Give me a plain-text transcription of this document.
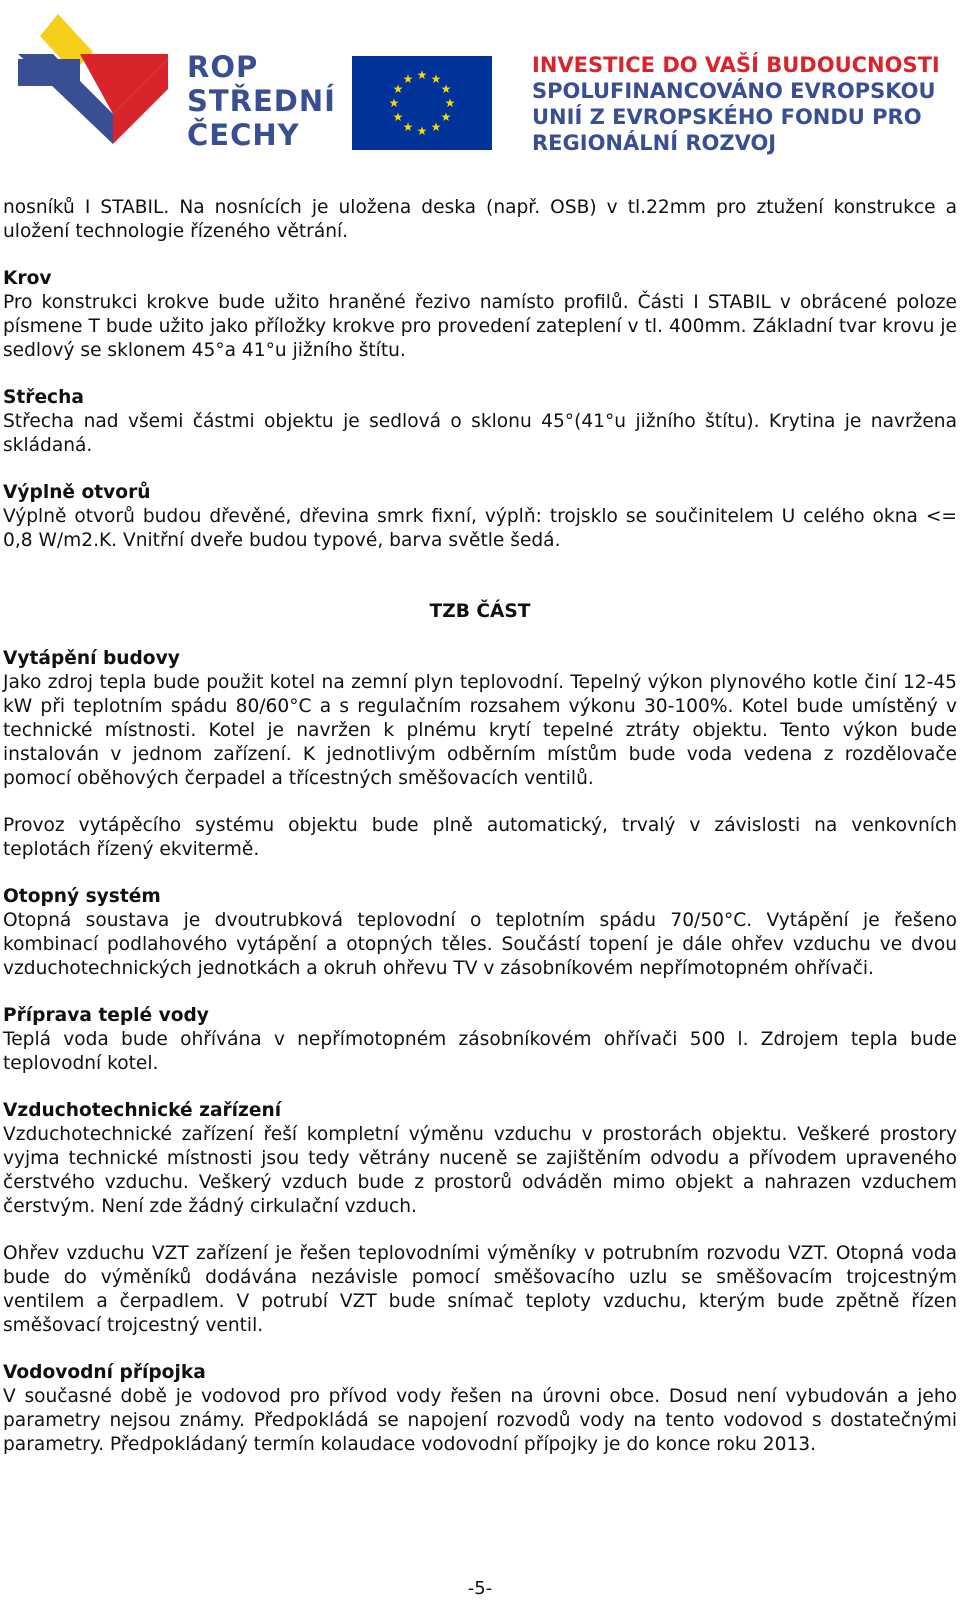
ROP
STŘEDNÍ
ČECHY
★ ★
★
★
★
★
★
★
★
★
★
★
INVESTICE DO VAŠÍ BUDOUCNOSTI
SPOLUFINANCOVÁNO EVROPSKOU
UNIÍ Z EVROPSKÉHO FONDU PRO
REGIONÁLNÍ ROZVOJ

nosníků I STABIL. Na nosnících je uložena deska (např. OSB) v tl.22mm pro ztužení konstrukce a uložení technologie řízeného větrání.

Krov

Pro konstrukci krokve bude užito hraněné řezivo namísto profilů. Části I STABIL v obrácené poloze písmene T bude užito jako příložky krokve pro provedení zateplení v tl. 400mm. Základní tvar krovu je sedlový se sklonem 45°a 41°u jižního štítu.

Střecha

Střecha nad všemi částmi objektu je sedlová o sklonu 45°(41°u jižního štítu). Krytina je navržena skládaná.

Výplně otvorů

Výplně otvorů budou dřevěné, dřevina smrk fixní, výplň: trojsklo se součinitelem U celého okna <= 0,8 W/m2.K. Vnitřní dveře budou typové, barva světle šedá.

TZB ČÁST

Vytápění budovy

Jako zdroj tepla bude použit kotel na zemní plyn teplovodní. Tepelný výkon plynového kotle činí 12-45 kW při teplotním spádu 80/60°C a s regulačním rozsahem výkonu 30-100%. Kotel bude umístěný v technické místnosti. Kotel je navržen k plnému krytí tepelné ztráty objektu. Tento výkon bude instalován v jednom zařízení. K jednotlivým odběrním místům bude voda vedena z rozdělovače pomocí oběhových čerpadel a třícestných směšovacích ventilů.

Provoz vytápěcího systému objektu bude plně automatický, trvalý v závislosti na venkovních teplotách řízený ekvitermě.

Otopný systém

Otopná soustava je dvoutrubková teplovodní o teplotním spádu 70/50°C. Vytápění je řešeno kombinací podlahového vytápění a otopných těles. Součástí topení je dále ohřev vzduchu ve dvou vzduchotechnických jednotkách a okruh ohřevu TV v zásobníkovém nepřímotopném ohřívači.

Příprava teplé vody

Teplá voda bude ohřívána v nepřímotopném zásobníkovém ohřívači 500 l. Zdrojem tepla bude teplovodní kotel.

Vzduchotechnické zařízení

Vzduchotechnické zařízení řeší kompletní výměnu vzduchu v prostorách objektu. Veškeré prostory vyjma technické místnosti jsou tedy větrány nuceně se zajištěním odvodu a přívodem upraveného čerstvého vzduchu. Veškerý vzduch bude z prostorů odváděn mimo objekt a nahrazen vzduchem čerstvým. Není zde žádný cirkulační vzduch.

Ohřev vzduchu VZT zařízení je řešen teplovodními výměníky v potrubním rozvodu VZT. Otopná voda bude do výměníků dodávána nezávisle pomocí směšovacího uzlu se směšovacím trojcestným ventilem a čerpadlem. V potrubí VZT bude snímač teploty vzduchu, kterým bude zpětně řízen směšovací trojcestný ventil.

Vodovodní přípojka

V současné době je vodovod pro přívod vody řešen na úrovni obce. Dosud není vybudován a jeho parametry nejsou známy. Předpokládá se napojení rozvodů vody na tento vodovod s dostatečnými parametry. Předpokládaný termín kolaudace vodovodní přípojky je do konce roku 2013.

-5-
